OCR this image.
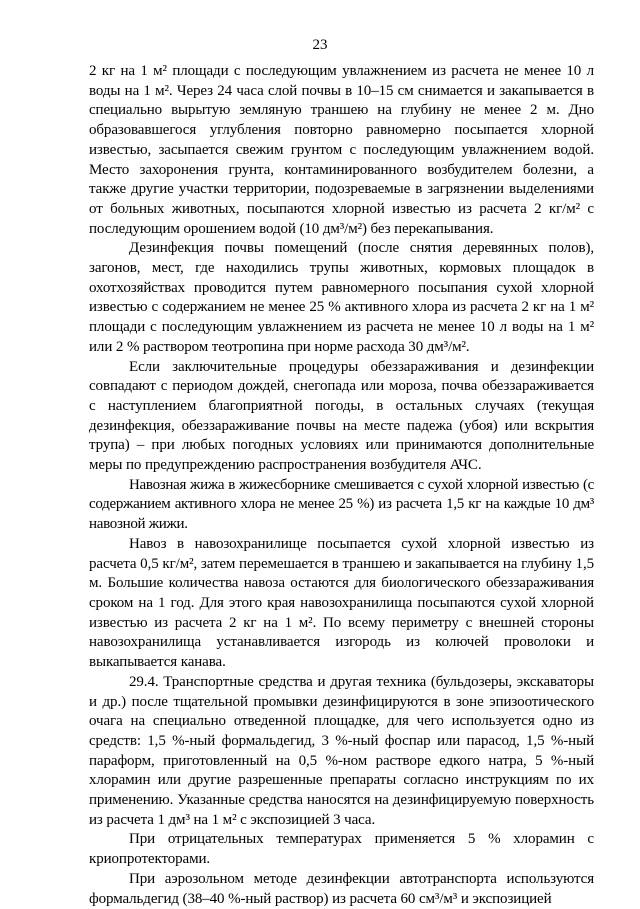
23

2 кг на 1 м² площади с последующим увлажнением из расчета не менее 10 л воды на 1 м². Через 24 часа слой почвы в 10–15 см снимается и закапывается в специально вырытую земляную траншею на глубину не менее 2 м. Дно образовавшегося углубления повторно равномерно посыпается хлорной известью, засыпается свежим грунтом с последующим увлажнением водой. Место захоронения грунта, контаминированного возбудителем болезни, а также другие участки территории, подозреваемые в загрязнении выделениями от больных животных, посыпаются хлорной известью из расчета 2 кг/м² с последующим орошением водой (10 дм³/м²) без перекапывания.

Дезинфекция почвы помещений (после снятия деревянных полов), загонов, мест, где находились трупы животных, кормовых площадок в охотхозяйствах проводится путем равномерного посыпания сухой хлорной известью с содержанием не менее 25 % активного хлора из расчета 2 кг на 1 м² площади с последующим увлажнением из расчета не менее 10 л воды на 1 м² или 2 % раствором теотропина при норме расхода 30 дм³/м².

Если заключительные процедуры обеззараживания и дезинфекции совпадают с периодом дождей, снегопада или мороза, почва обеззараживается с наступлением благоприятной погоды, в остальных случаях (текущая дезинфекция, обеззараживание почвы на месте падежа (убоя) или вскрытия трупа) – при любых погодных условиях или принимаются дополнительные меры по предупреждению распространения возбудителя АЧС.

Навозная жижа в жижесборнике смешивается с сухой хлорной известью (с содержанием активного хлора не менее 25 %) из расчета 1,5 кг на каждые 10 дм³ навозной жижи.

Навоз в навозохранилище посыпается сухой хлорной известью из расчета 0,5 кг/м², затем перемешается в траншею и закапывается на глубину 1,5 м. Большие количества навоза остаются для биологического обеззараживания сроком на 1 год. Для этого края навозохранилища посыпаются сухой хлорной известью из расчета 2 кг на 1 м². По всему периметру с внешней стороны навозохранилища устанавливается изгородь из колючей проволоки и выкапывается канава.

29.4. Транспортные средства и другая техника (бульдозеры, экскаваторы и др.) после тщательной промывки дезинфицируются в зоне эпизоотического очага на специально отведенной площадке, для чего используется одно из средств: 1,5 %-ный формальдегид, 3 %-ный фоспар или парасод, 1,5 %-ный параформ, приготовленный на 0,5 %-ном растворе едкого натра, 5 %-ный хлорамин или другие разрешенные препараты согласно инструкциям по их применению. Указанные средства наносятся на дезинфицируемую поверхность из расчета 1 дм³ на 1 м² с экспозицией 3 часа.

При отрицательных температурах применяется 5 % хлорамин с криопротекторами.

При аэрозольном методе дезинфекции автотранспорта используются формальдегид (38–40 %-ный раствор) из расчета 60 см³/м³ и экспозицией
